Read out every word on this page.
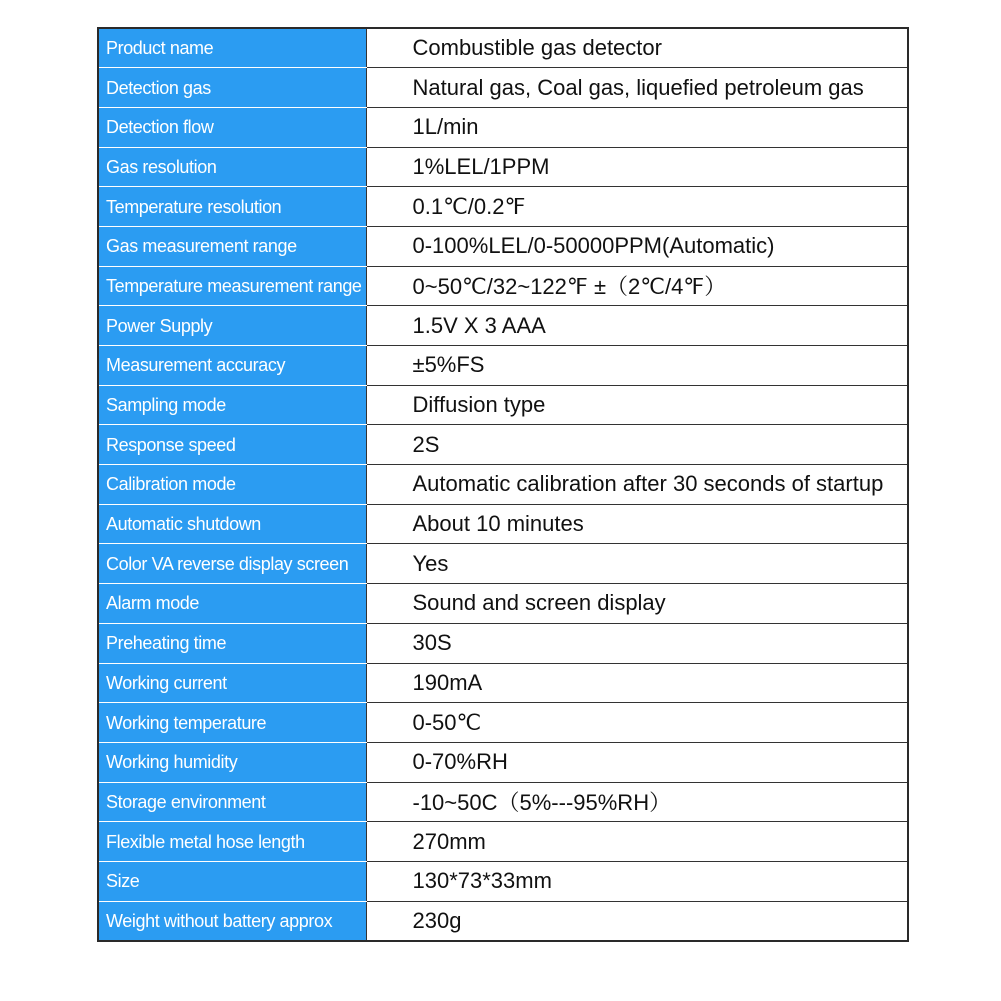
Product name	Combustible gas detector

Detection gas	Natural gas, Coal gas, liquefied petroleum gas

Detection flow	1L/min

Gas resolution	1%LEL/1PPM

Temperature resolution	0.1℃/0.2℉

Gas measurement range	0-100%LEL/0-50000PPM(Automatic)

Temperature measurement range	0~50℃/32~122℉ ±（2℃/4℉）

Power Supply	1.5V X 3 AAA

Measurement accuracy	±5%FS

Sampling mode	Diffusion type

Response speed	2S

Calibration mode	Automatic calibration after 30 seconds of startup

Automatic shutdown	About 10 minutes

Color VA reverse display screen	Yes

Alarm mode	Sound and screen display

Preheating time	30S

Working current	190mA

Working temperature	0-50℃

Working humidity	0-70%RH

Storage environment	-10~50C（5%---95%RH）

Flexible metal hose length	270mm

Size	130*73*33mm

Weight without battery approx	230g
